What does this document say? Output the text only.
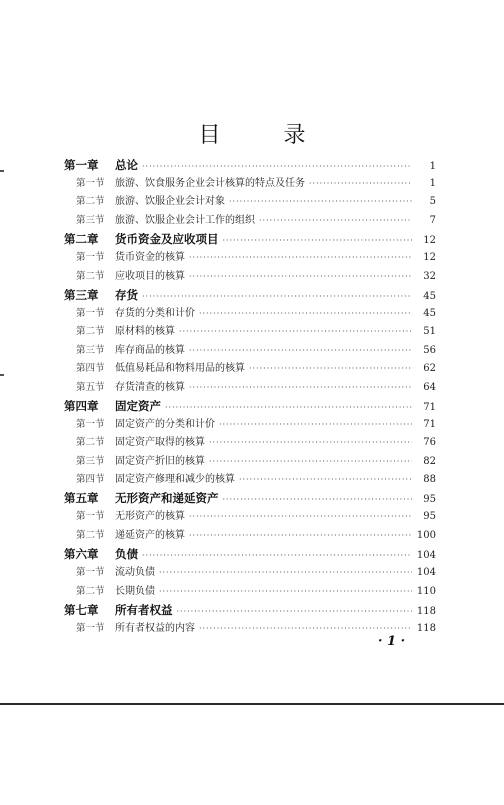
目 录
第一章	总论 ·····	1
第一节	旅游、饮食服务企业会计核算的特点及任务 ·····	1
第二节	旅游、饮服企业会计对象 ·····	5
第三节	旅游、饮服企业会计工作的组织 ·····	7
第二章	货币资金及应收项目 ·····	12
第一节	货币资金的核算 ·····	12
第二节	应收项目的核算 ·····	32
第三章	存货 ·····	45
第一节	存货的分类和计价 ·····	45
第二节	原材料的核算 ·····	51
第三节	库存商品的核算 ·····	56
第四节	低值易耗品和物料用品的核算 ·····	62
第五节	存货清查的核算 ·····	64
第四章	固定资产 ·····	71
第一节	固定资产的分类和计价 ·····	71
第二节	固定资产取得的核算 ·····	76
第三节	固定资产折旧的核算 ·····	82
第四节	固定资产修理和减少的核算 ·····	88
第五章	无形资产和递延资产 ·····	95
第一节	无形资产的核算 ·····	95
第二节	递延资产的核算 ·····	100
第六章	负债 ·····	104
第一节	流动负债 ·····	104
第二节	长期负债 ·····	110
第七章	所有者权益 ·····	118
第一节	所有者权益的内容 ·····	118
· 1 ·
